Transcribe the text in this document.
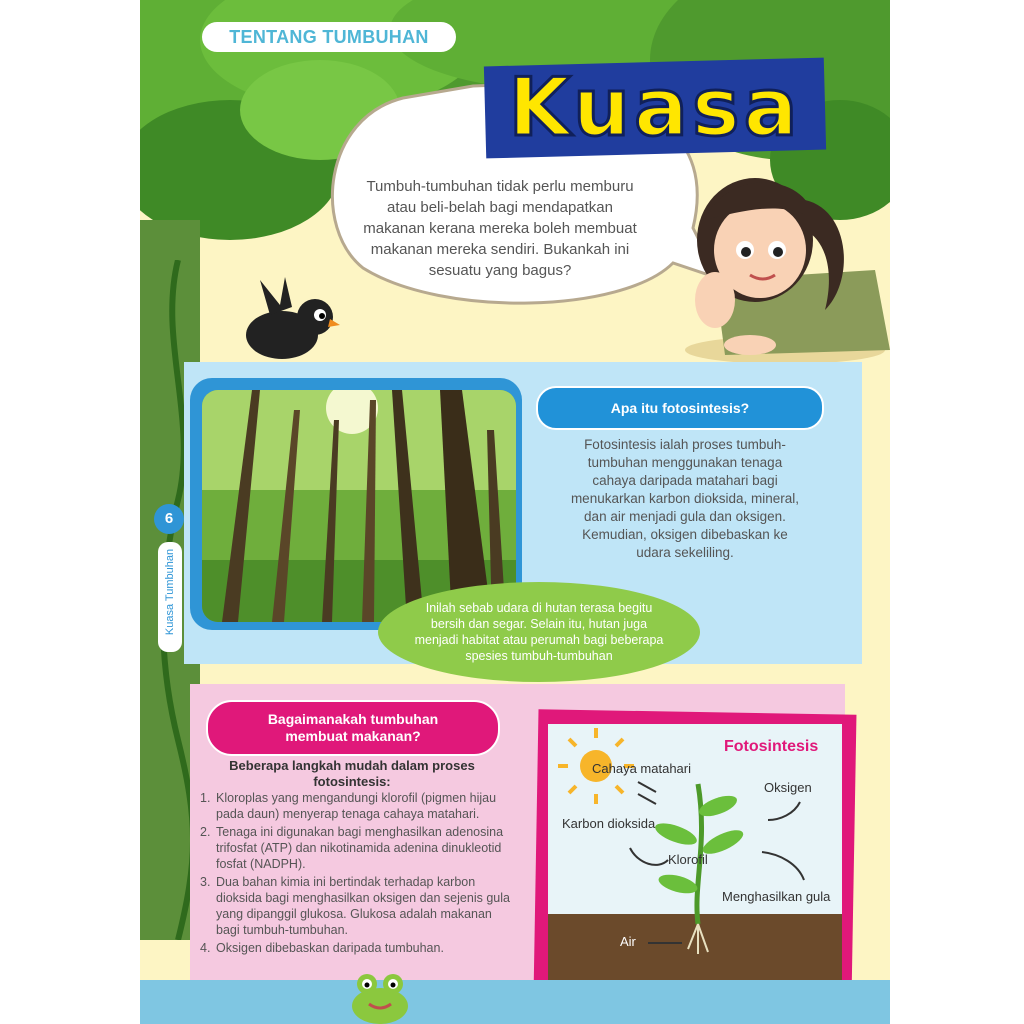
TENTANG TUMBUHAN
Kuasa
Tumbuh-tumbuhan tidak perlu memburu
atau beli-belah bagi mendapatkan
makanan kerana mereka boleh membuat
makanan mereka sendiri. Bukankah ini
sesuatu yang bagus?
Apa itu fotosintesis?
Fotosintesis ialah proses tumbuh-
tumbuhan menggunakan tenaga
cahaya daripada matahari bagi
menukarkan karbon dioksida, mineral,
dan air menjadi gula dan oksigen.
Kemudian, oksigen dibebaskan ke
udara sekeliling.
Inilah sebab udara di hutan terasa begitu
bersih dan segar. Selain itu, hutan juga
menjadi habitat atau perumah bagi beberapa
spesies tumbuh-tumbuhan
6
Kuasa Tumbuhan
Bagaimanakah tumbuhan
membuat makanan?
Beberapa langkah mudah dalam proses
fotosintesis:
1. Kloroplas yang mengandungi klorofil (pigmen hijau pada daun) menyerap tenaga cahaya matahari.
2. Tenaga ini digunakan bagi menghasilkan adenosina trifosfat (ATP) dan nikotinamida adenina dinukleotid fosfat (NADPH).
3. Dua bahan kimia ini bertindak terhadap karbon dioksida bagi menghasilkan oksigen dan sejenis gula yang dipanggil glukosa. Glukosa adalah makanan bagi tumbuh-tumbuhan.
4. Oksigen dibebaskan daripada tumbuhan.
Cahaya matahari
Oksigen
Karbon dioksida
Klorofil
Menghasilkan gula
Air
Fotosintesis
